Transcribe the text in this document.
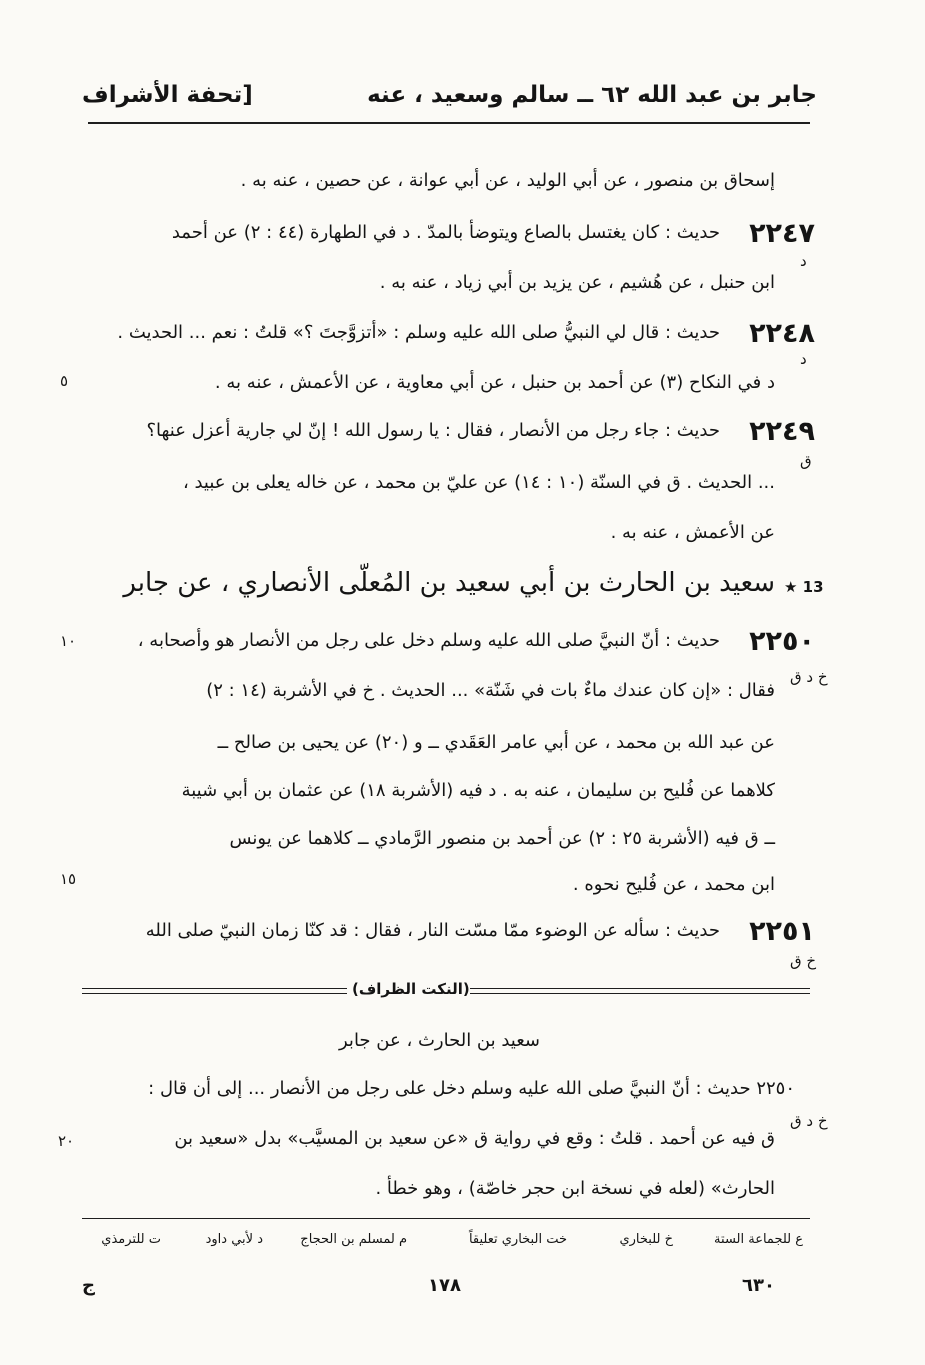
جابر بن عبد الله ٦٢ ــ سالم وسعيد ، عنه
[تحفة الأشراف
إسحاق بن منصور ، عن أبي الوليد ، عن أبي عوانة ، عن حصين ، عنه به .
٢٢٤٧
حديث : كان يغتسل بالصاع ويتوضأ بالمدّ . د في الطهارة (٤٤ : ٢) عن أحمد
د
ابن حنبل ، عن هُشيم ، عن يزيد بن أبي زياد ، عنه به .
٢٢٤٨
حديث : قال لي النبيُّ صلى الله عليه وسلم : «أتزوَّجتَ ؟» قلتُ : نعم ... الحديث .
د
د في النكاح (٣) عن أحمد بن حنبل ، عن أبي معاوية ، عن الأعمش ، عنه به .
٥
٢٢٤٩
حديث : جاء رجل من الأنصار ، فقال : يا رسول الله ! إنّ لي جارية أعزل عنها؟
ق
... الحديث . ق في السنّة (١٠ : ١٤) عن عليّ بن محمد ، عن خاله يعلى بن عبيد ،
عن الأعمش ، عنه به .
★ 13
سعيد بن الحارث بن أبي سعيد بن المُعلّى الأنصاري ، عن جابر
٢٢٥٠
حديث : أنّ النبيَّ صلى الله عليه وسلم دخل على رجل من الأنصار هو وأصحابه ،
١٠
فقال : «إن كان عندك ماءٌ بات في شَنّة» ... الحديث . خ في الأشربة (١٤ : ٢)
خ د ق
عن عبد الله بن محمد ، عن أبي عامر العَقَدي ــ و (٢٠) عن يحيى بن صالح ــ
كلاهما عن فُليح بن سليمان ، عنه به . د فيه (الأشربة ١٨) عن عثمان بن أبي شيبة
ــ ق فيه (الأشربة ٢٥ : ٢) عن أحمد بن منصور الرَّمادي ــ كلاهما عن يونس
ابن محمد ، عن فُليح نحوه .
١٥
٢٢٥١
حديث : سأله عن الوضوء ممّا مسّت النار ، فقال : قد كنّا زمان النبيّ صلى الله
خ ق
(النكت الظراف)
سعيد بن الحارث ، عن جابر
٢٢٥٠ حديث : أنّ النبيَّ صلى الله عليه وسلم دخل على رجل من الأنصار ... إلى أن قال :
خ د ق
ق فيه عن أحمد . قلتُ : وقع في رواية ق «عن سعيد بن المسيَّب» بدل «سعيد بن
٢٠
الحارث» (لعله في نسخة ابن حجر خاصّة) ، وهو خطأ .
ع للجماعة الستة
خ للبخاري
خت البخاري تعليقاً
م لمسلم بن الحجاج
د لأبي داود
ت للترمذي
ج	١٧٨	٦٣٠
